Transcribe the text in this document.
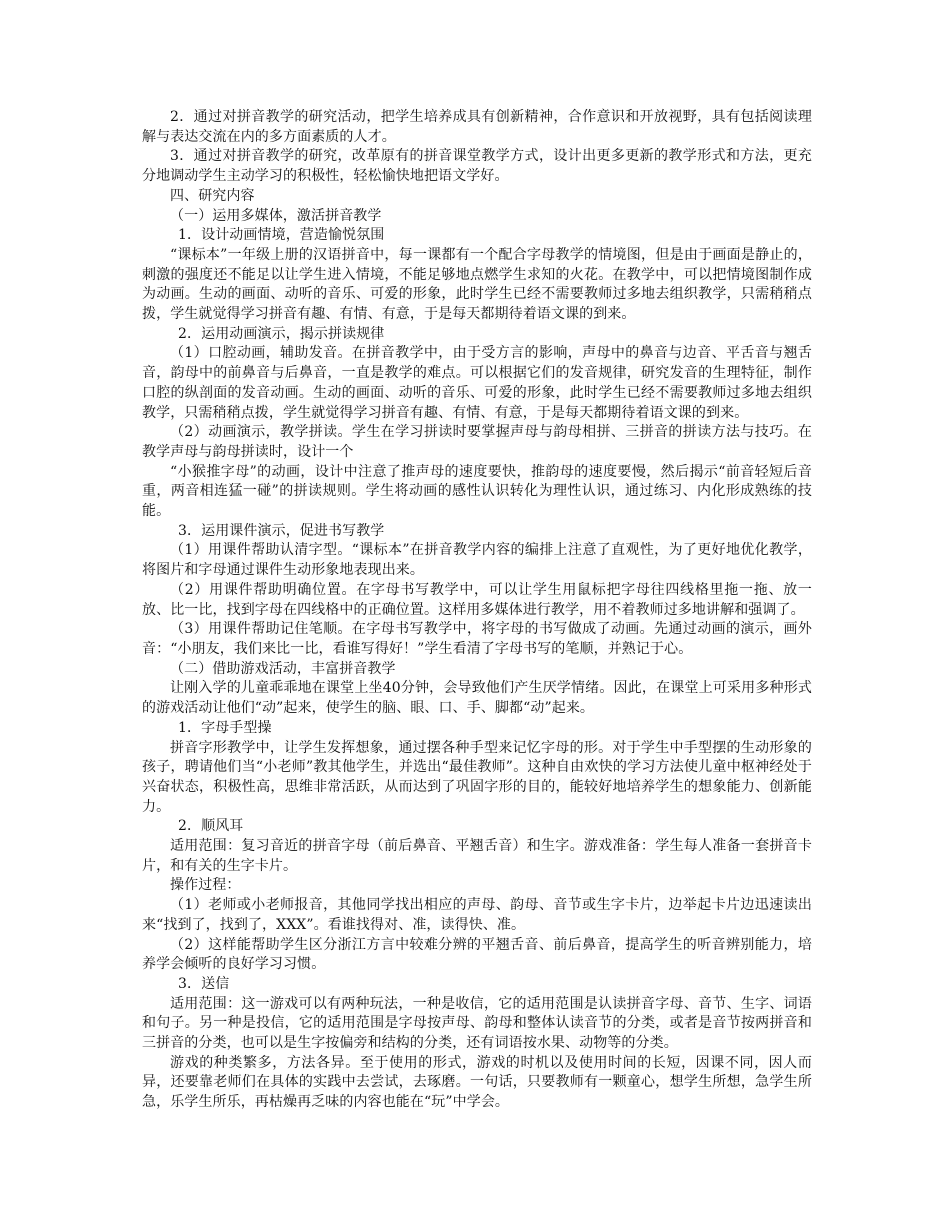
2．通过对拼音教学的研究活动，把学生培养成具有创新精神，合作意识和开放视野，具有包括阅读理解与表达交流在内的多方面素质的人才。

3．通过对拼音教学的研究，改革原有的拼音课堂教学方式，设计出更多更新的教学形式和方法，更充分地调动学生主动学习的积极性，轻松愉快地把语文学好。

四、研究内容

（一）运用多媒体，激活拼音教学

1．设计动画情境，营造愉悦氛围

“课标本”一年级上册的汉语拼音中，每一课都有一个配合字母教学的情境图，但是由于画面是静止的，刺激的强度还不能足以让学生进入情境，不能足够地点燃学生求知的火花。在教学中，可以把情境图制作成为动画。生动的画面、动听的音乐、可爱的形象，此时学生已经不需要教师过多地去组织教学，只需稍稍点拨，学生就觉得学习拼音有趣、有情、有意，于是每天都期待着语文课的到来。

2．运用动画演示，揭示拼读规律

（1）口腔动画，辅助发音。在拼音教学中，由于受方言的影响，声母中的鼻音与边音、平舌音与翘舌音，韵母中的前鼻音与后鼻音，一直是教学的难点。可以根据它们的发音规律，研究发音的生理特征，制作口腔的纵剖面的发音动画。生动的画面、动听的音乐、可爱的形象，此时学生已经不需要教师过多地去组织教学，只需稍稍点拨，学生就觉得学习拼音有趣、有情、有意，于是每天都期待着语文课的到来。

（2）动画演示，教学拼读。学生在学习拼读时要掌握声母与韵母相拼、三拼音的拼读方法与技巧。在教学声母与韵母拼读时，设计一个

“小猴推字母”的动画，设计中注意了推声母的速度要快，推韵母的速度要慢，然后揭示“前音轻短后音重，两音相连猛一碰”的拼读规则。学生将动画的感性认识转化为理性认识，通过练习、内化形成熟练的技能。

3．运用课件演示，促进书写教学

（1）用课件帮助认清字型。“课标本”在拼音教学内容的编排上注意了直观性，为了更好地优化教学，将图片和字母通过课件生动形象地表现出来。

（2）用课件帮助明确位置。在字母书写教学中，可以让学生用鼠标把字母往四线格里拖一拖、放一放、比一比，找到字母在四线格中的正确位置。这样用多媒体进行教学，用不着教师过多地讲解和强调了。

（3）用课件帮助记住笔顺。在字母书写教学中，将字母的书写做成了动画。先通过动画的演示，画外音：“小朋友，我们来比一比，看谁写得好！”学生看清了字母书写的笔顺，并熟记于心。

（二）借助游戏活动，丰富拼音教学

让刚入学的儿童乖乖地在课堂上坐40分钟，会导致他们产生厌学情绪。因此，在课堂上可采用多种形式的游戏活动让他们“动”起来，使学生的脑、眼、口、手、脚都“动”起来。

1．字母手型操

拼音字形教学中，让学生发挥想象，通过摆各种手型来记忆字母的形。对于学生中手型摆的生动形象的孩子，聘请他们当“小老师”教其他学生，并选出“最佳教师”。这种自由欢快的学习方法使儿童中枢神经处于兴奋状态，积极性高，思维非常活跃，从而达到了巩固字形的目的，能较好地培养学生的想象能力、创新能力。

2．顺风耳

适用范围：复习音近的拼音字母（前后鼻音、平翘舌音）和生字。游戏准备：学生每人准备一套拼音卡片，和有关的生字卡片。

操作过程：

（1）老师或小老师报音，其他同学找出相应的声母、韵母、音节或生字卡片，边举起卡片边迅速读出来“找到了，找到了，XXX”。看谁找得对、准，读得快、准。

（2）这样能帮助学生区分浙江方言中较难分辨的平翘舌音、前后鼻音，提高学生的听音辨别能力，培养学会倾听的良好学习习惯。

3．送信

适用范围：这一游戏可以有两种玩法，一种是收信，它的适用范围是认读拼音字母、音节、生字、词语和句子。另一种是投信，它的适用范围是字母按声母、韵母和整体认读音节的分类，或者是音节按两拼音和三拼音的分类，也可以是生字按偏旁和结构的分类，还有词语按水果、动物等的分类。

游戏的种类繁多，方法各异。至于使用的形式，游戏的时机以及使用时间的长短，因课不同，因人而异，还要靠老师们在具体的实践中去尝试，去琢磨。一句话，只要教师有一颗童心，想学生所想，急学生所急，乐学生所乐，再枯燥再乏味的内容也能在“玩”中学会。
